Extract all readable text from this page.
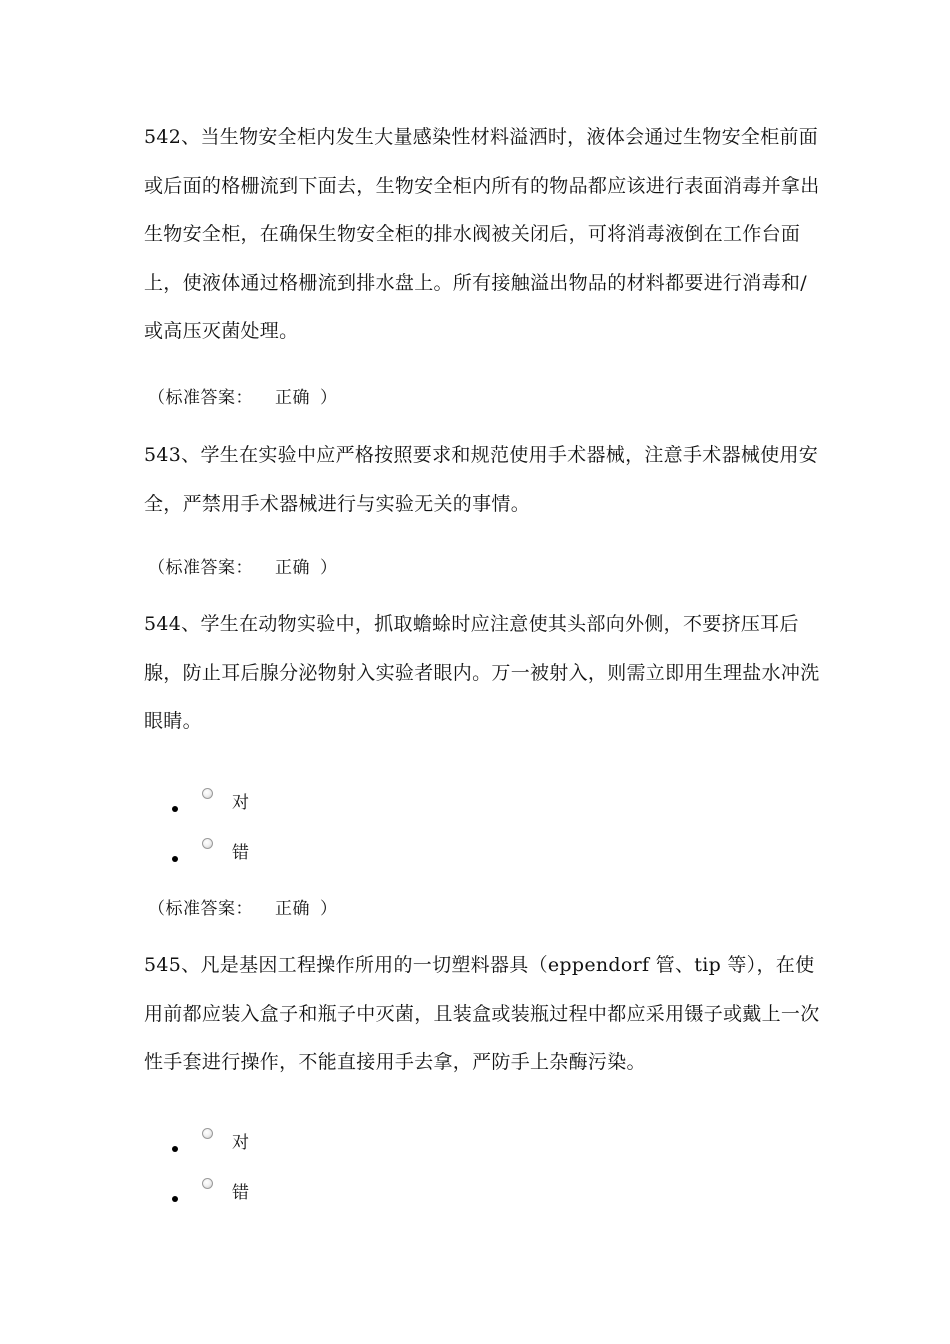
542、当生物安全柜内发生大量感染性材料溢洒时，液体会通过生物安全柜前面或后面的格栅流到下面去，生物安全柜内所有的物品都应该进行表面消毒并拿出生物安全柜，在确保生物安全柜的排水阀被关闭后，可将消毒液倒在工作台面上，使液体通过格栅流到排水盘上。所有接触溢出物品的材料都要进行消毒和/或高压灭菌处理。

（标准答案： 正确 ）

543、学生在实验中应严格按照要求和规范使用手术器械，注意手术器械使用安全，严禁用手术器械进行与实验无关的事情。

（标准答案： 正确 ）

544、学生在动物实验中，抓取蟾蜍时应注意使其头部向外侧，不要挤压耳后腺，防止耳后腺分泌物射入实验者眼内。万一被射入，则需立即用生理盐水冲洗眼睛。

对
错

（标准答案： 正确 ）

545、凡是基因工程操作所用的一切塑料器具（eppendorf 管、tip 等），在使用前都应装入盒子和瓶子中灭菌，且装盒或装瓶过程中都应采用镊子或戴上一次性手套进行操作，不能直接用手去拿，严防手上杂酶污染。

对
错
